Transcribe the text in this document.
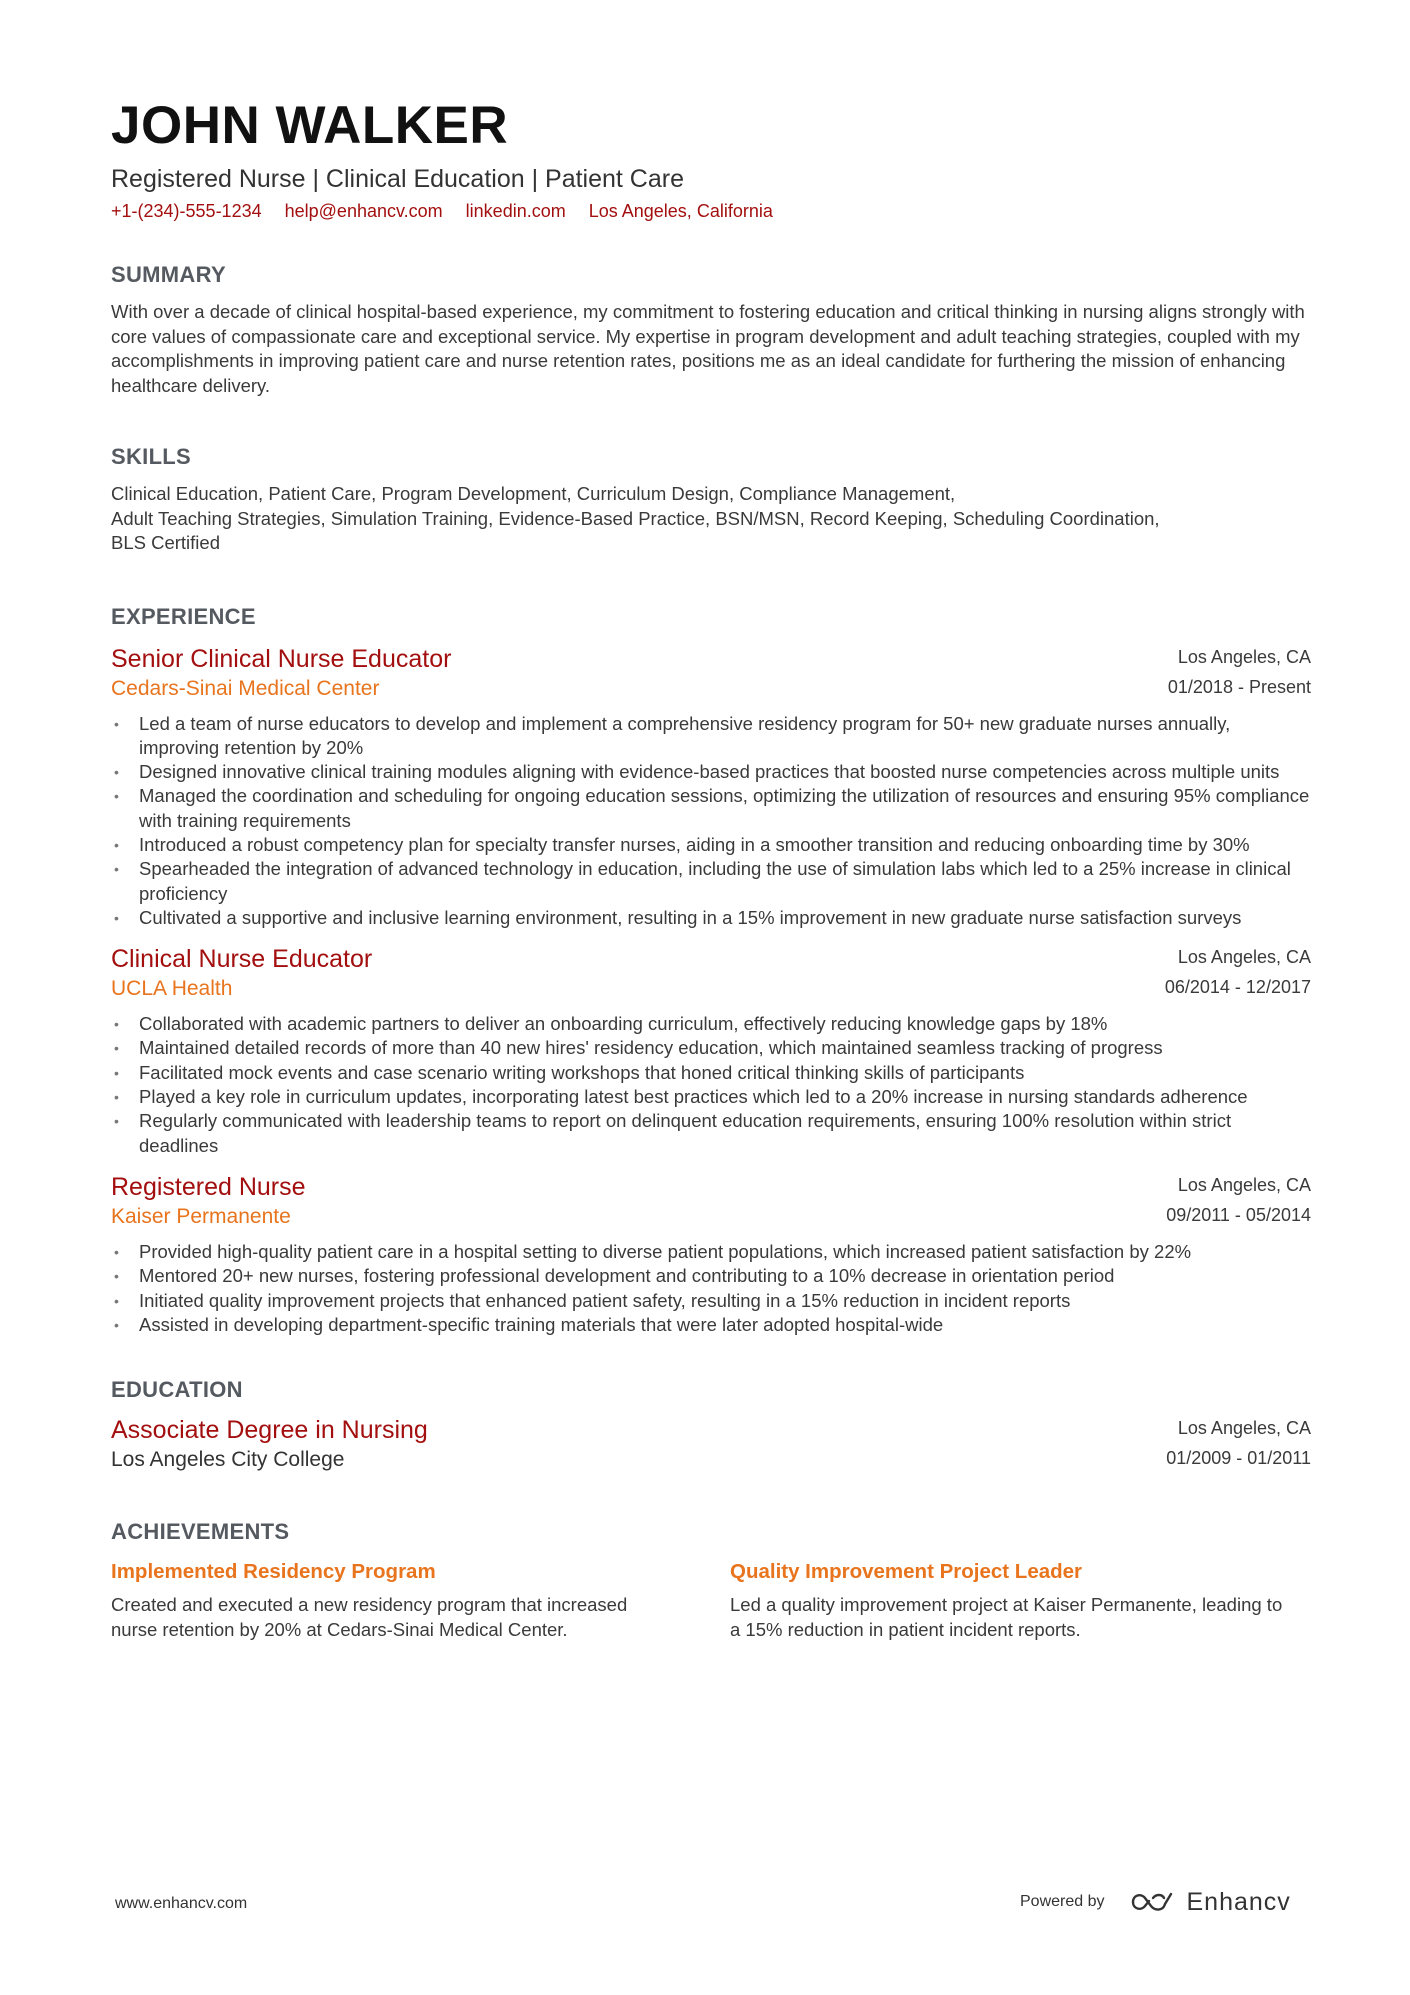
JOHN WALKER
Registered Nurse | Clinical Education | Patient Care
+1-(234)-555-1234 help@enhancv.com linkedin.com Los Angeles, California
SUMMARY
With over a decade of clinical hospital-based experience, my commitment to fostering education and critical thinking in nursing aligns strongly with core values of compassionate care and exceptional service. My expertise in program development and adult teaching strategies, coupled with my accomplishments in improving patient care and nurse retention rates, positions me as an ideal candidate for furthering the mission of enhancing healthcare delivery.
SKILLS
Clinical Education, Patient Care, Program Development, Curriculum Design, Compliance Management,
Adult Teaching Strategies, Simulation Training, Evidence-Based Practice, BSN/MSN, Record Keeping, Scheduling Coordination,
BLS Certified
EXPERIENCE
Senior Clinical Nurse Educator
Cedars-Sinai Medical Center
Los Angeles, CA
01/2018 - Present
• Led a team of nurse educators to develop and implement a comprehensive residency program for 50+ new graduate nurses annually, improving retention by 20%
• Designed innovative clinical training modules aligning with evidence-based practices that boosted nurse competencies across multiple units
• Managed the coordination and scheduling for ongoing education sessions, optimizing the utilization of resources and ensuring 95% compliance with training requirements
• Introduced a robust competency plan for specialty transfer nurses, aiding in a smoother transition and reducing onboarding time by 30%
• Spearheaded the integration of advanced technology in education, including the use of simulation labs which led to a 25% increase in clinical proficiency
• Cultivated a supportive and inclusive learning environment, resulting in a 15% improvement in new graduate nurse satisfaction surveys
Clinical Nurse Educator
UCLA Health
Los Angeles, CA
06/2014 - 12/2017
• Collaborated with academic partners to deliver an onboarding curriculum, effectively reducing knowledge gaps by 18%
• Maintained detailed records of more than 40 new hires' residency education, which maintained seamless tracking of progress
• Facilitated mock events and case scenario writing workshops that honed critical thinking skills of participants
• Played a key role in curriculum updates, incorporating latest best practices which led to a 20% increase in nursing standards adherence
• Regularly communicated with leadership teams to report on delinquent education requirements, ensuring 100% resolution within strict deadlines
Registered Nurse
Kaiser Permanente
Los Angeles, CA
09/2011 - 05/2014
• Provided high-quality patient care in a hospital setting to diverse patient populations, which increased patient satisfaction by 22%
• Mentored 20+ new nurses, fostering professional development and contributing to a 10% decrease in orientation period
• Initiated quality improvement projects that enhanced patient safety, resulting in a 15% reduction in incident reports
• Assisted in developing department-specific training materials that were later adopted hospital-wide
EDUCATION
Associate Degree in Nursing
Los Angeles City College
Los Angeles, CA
01/2009 - 01/2011
ACHIEVEMENTS
Implemented Residency Program
Created and executed a new residency program that increased nurse retention by 20% at Cedars-Sinai Medical Center.
Quality Improvement Project Leader
Led a quality improvement project at Kaiser Permanente, leading to a 15% reduction in patient incident reports.
www.enhancv.com	Powered by	Enhancv
